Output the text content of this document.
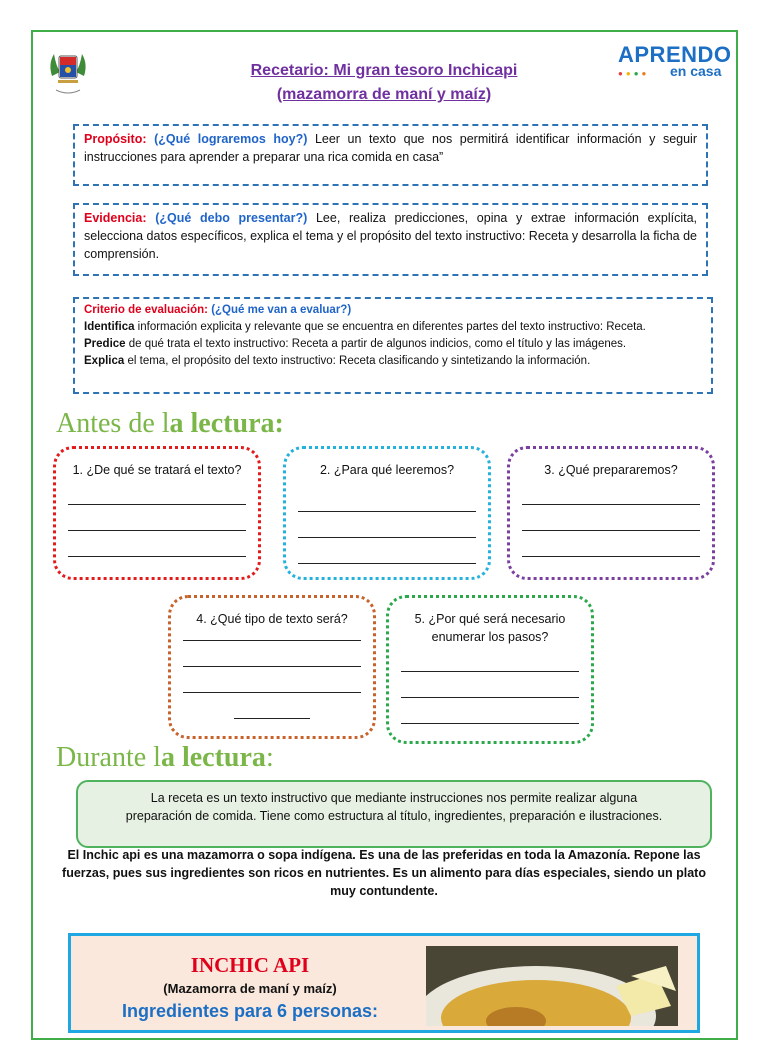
Recetario: Mi gran tesoro Inchicapi
(mazamorra de maní y maíz)
APRENDO
●●●● en casa
Propósito: (¿Qué lograremos hoy?) Leer un texto que nos permitirá identificar información y seguir instrucciones para aprender a preparar una rica comida en casa”
Evidencia: (¿Qué debo presentar?) Lee, realiza predicciones, opina y extrae información explícita, selecciona datos específicos, explica el tema y el propósito del texto instructivo: Receta y desarrolla la ficha de comprensión.
Criterio de evaluación: (¿Qué me van a evaluar?)
Identifica información explicita y relevante que se encuentra en diferentes partes del texto instructivo: Receta.
Predice de qué trata el texto instructivo: Receta a partir de algunos indicios, como el título y las imágenes.
Explica el tema, el propósito del texto instructivo: Receta clasificando y sintetizando la información.
Antes de la lectura:
1. ¿De qué se tratará el texto?	2. ¿Para qué leeremos?	3. ¿Qué prepararemos?
4. ¿Qué tipo de texto será?	5. ¿Por qué será necesario enumerar los pasos?
Durante la lectura:
La receta es un texto instructivo que mediante instrucciones nos permite realizar alguna preparación de comida. Tiene como estructura al título, ingredientes, preparación e ilustraciones.
El Inchic api es una mazamorra o sopa indígena. Es una de las preferidas en toda la Amazonía. Repone las fuerzas, pues sus ingredientes son ricos en nutrientes. Es un alimento para días especiales, siendo un plato muy contundente.
INCHIC API
(Mazamorra de maní y maíz)
Ingredientes para 6 personas:
